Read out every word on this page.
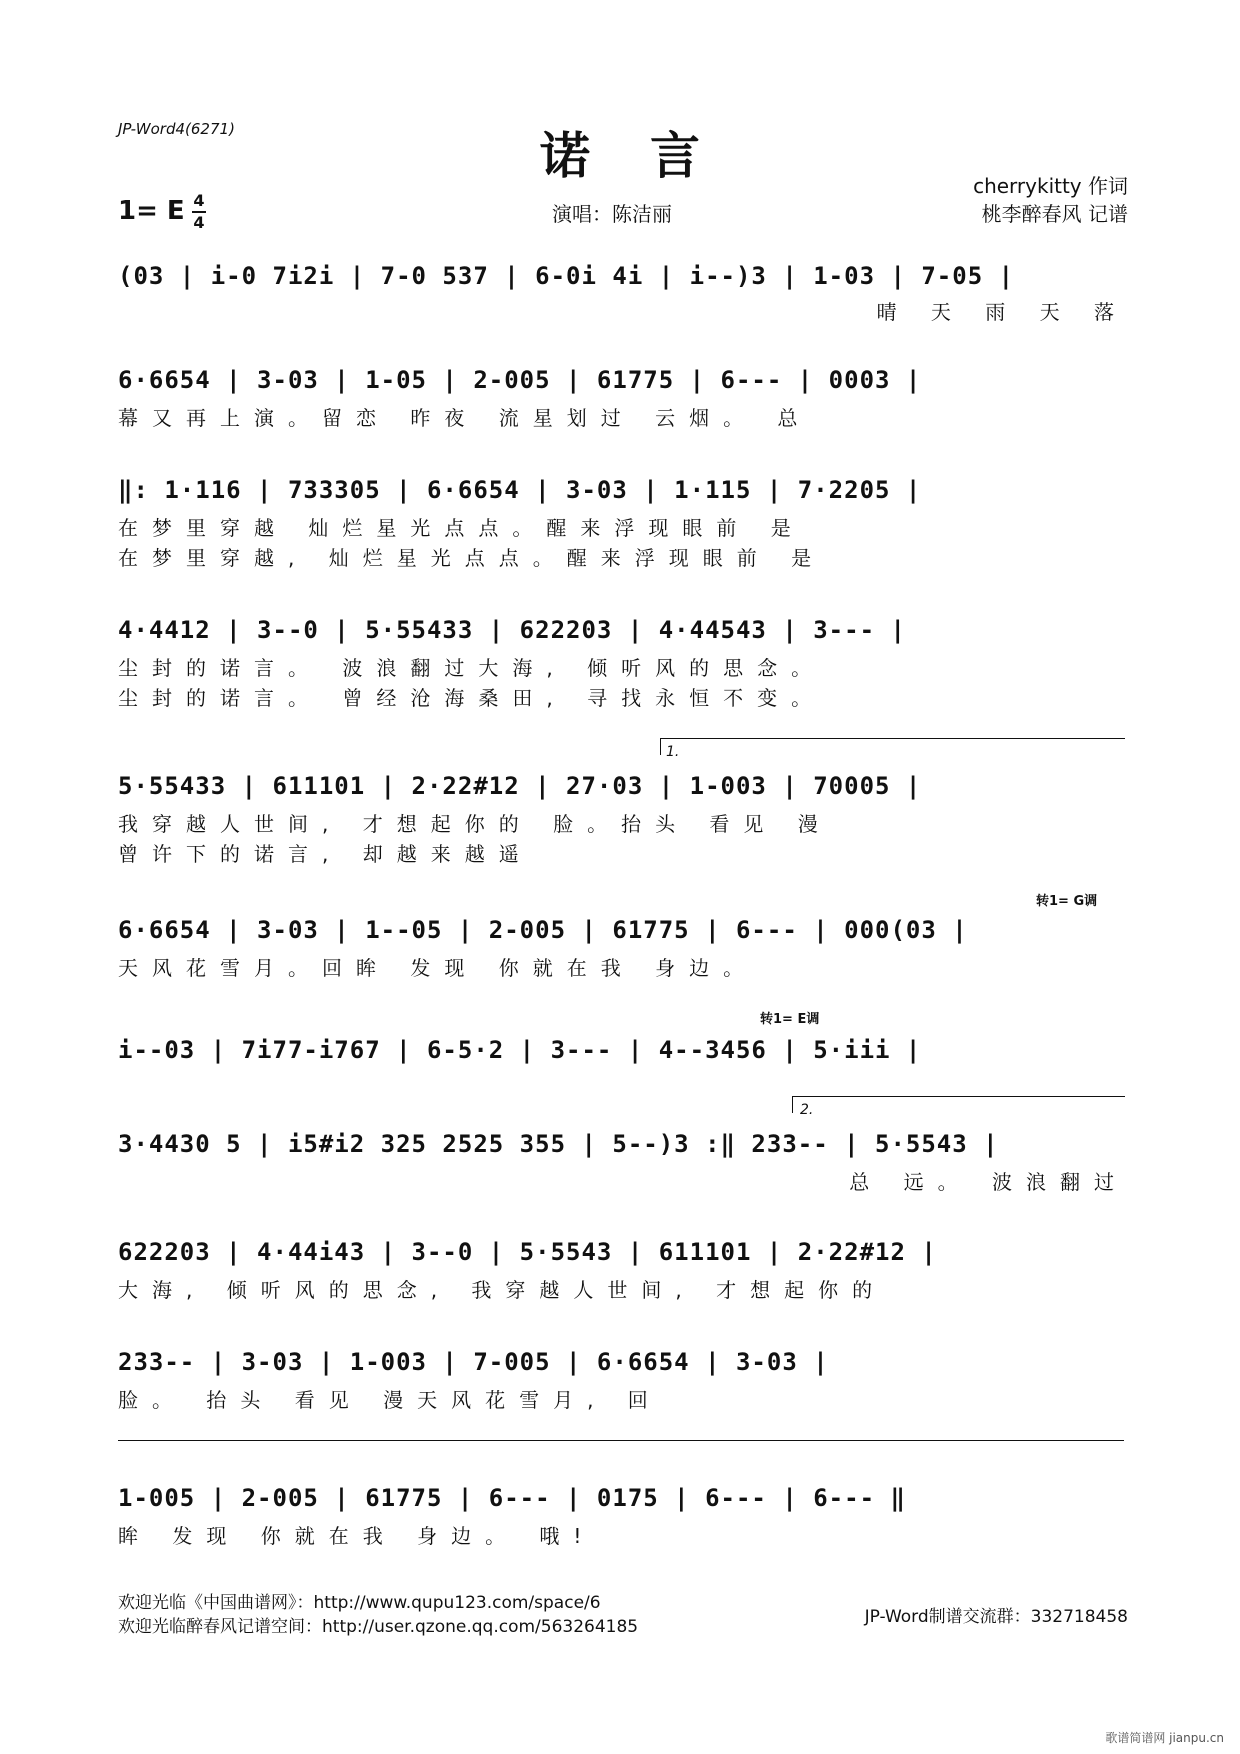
JP-Word4(6271)	诺言
1= E 4
4	演唱：陈洁丽
cherrykitty 作词
桃李醉春风 记谱
(03 | i-0 7i2i | 7-0 537 | 6-0i 4i | i--)3 | 1-03 | 7-05 |
晴 天 雨 天 落
6·6654 | 3-03 | 1-05 | 2-005 | 61775 | 6--- | 0003 |
幕又再上演。留恋 昨夜 流星划过 云烟。 总
‖: 1·116 | 733305 | 6·6654 | 3-03 | 1·115 | 7·2205 |
在梦里穿越 灿烂星光点点。醒来浮现眼前 是
在梦里穿越, 灿烂星光点点。醒来浮现眼前 是
4·4412 | 3--0 | 5·55433 | 622203 | 4·44543 | 3--- |
尘封的诺言。 波浪翻过大海, 倾听风的思念。
尘封的诺言。 曾经沧海桑田, 寻找永恒不变。
1.
5·55433 | 611101 | 2·22#12 | 27·03 | 1-003 | 70005 |
我穿越人世间, 才想起你的 脸。抬头 看见 漫
曾许下的诺言, 却越来越遥
转1= G调
6·6654 | 3-03 | 1--05 | 2-005 | 61775 | 6--- | 000(03 |
天风花雪月。回眸 发现 你就在我 身边。
转1= E调
i--03 | 7i77-i767 | 6-5·2 | 3--- | 4--3456 | 5·iii |
2.
3·4430 5 | i5#i2 325 2525 355 | 5--)3 :‖ 233-- | 5·5543 |
总 远。 波浪翻过
622203 | 4·44i43 | 3--0 | 5·5543 | 611101 | 2·22#12 |
大海, 倾听风的思念, 我穿越人世间, 才想起你的
233-- | 3-03 | 1-003 | 7-005 | 6·6654 | 3-03 |
脸。 抬头 看见 漫天风花雪月, 回
1-005 | 2-005 | 61775 | 6--- | 0175 | 6--- | 6--- ‖
眸 发现 你就在我 身边。 哦!
欢迎光临《中国曲谱网》：http://www.qupu123.com/space/6
欢迎光临醉春风记谱空间：http://user.qzone.qq.com/563264185	JP-Word制谱交流群：332718458
歌谱简谱网 jianpu.cn
